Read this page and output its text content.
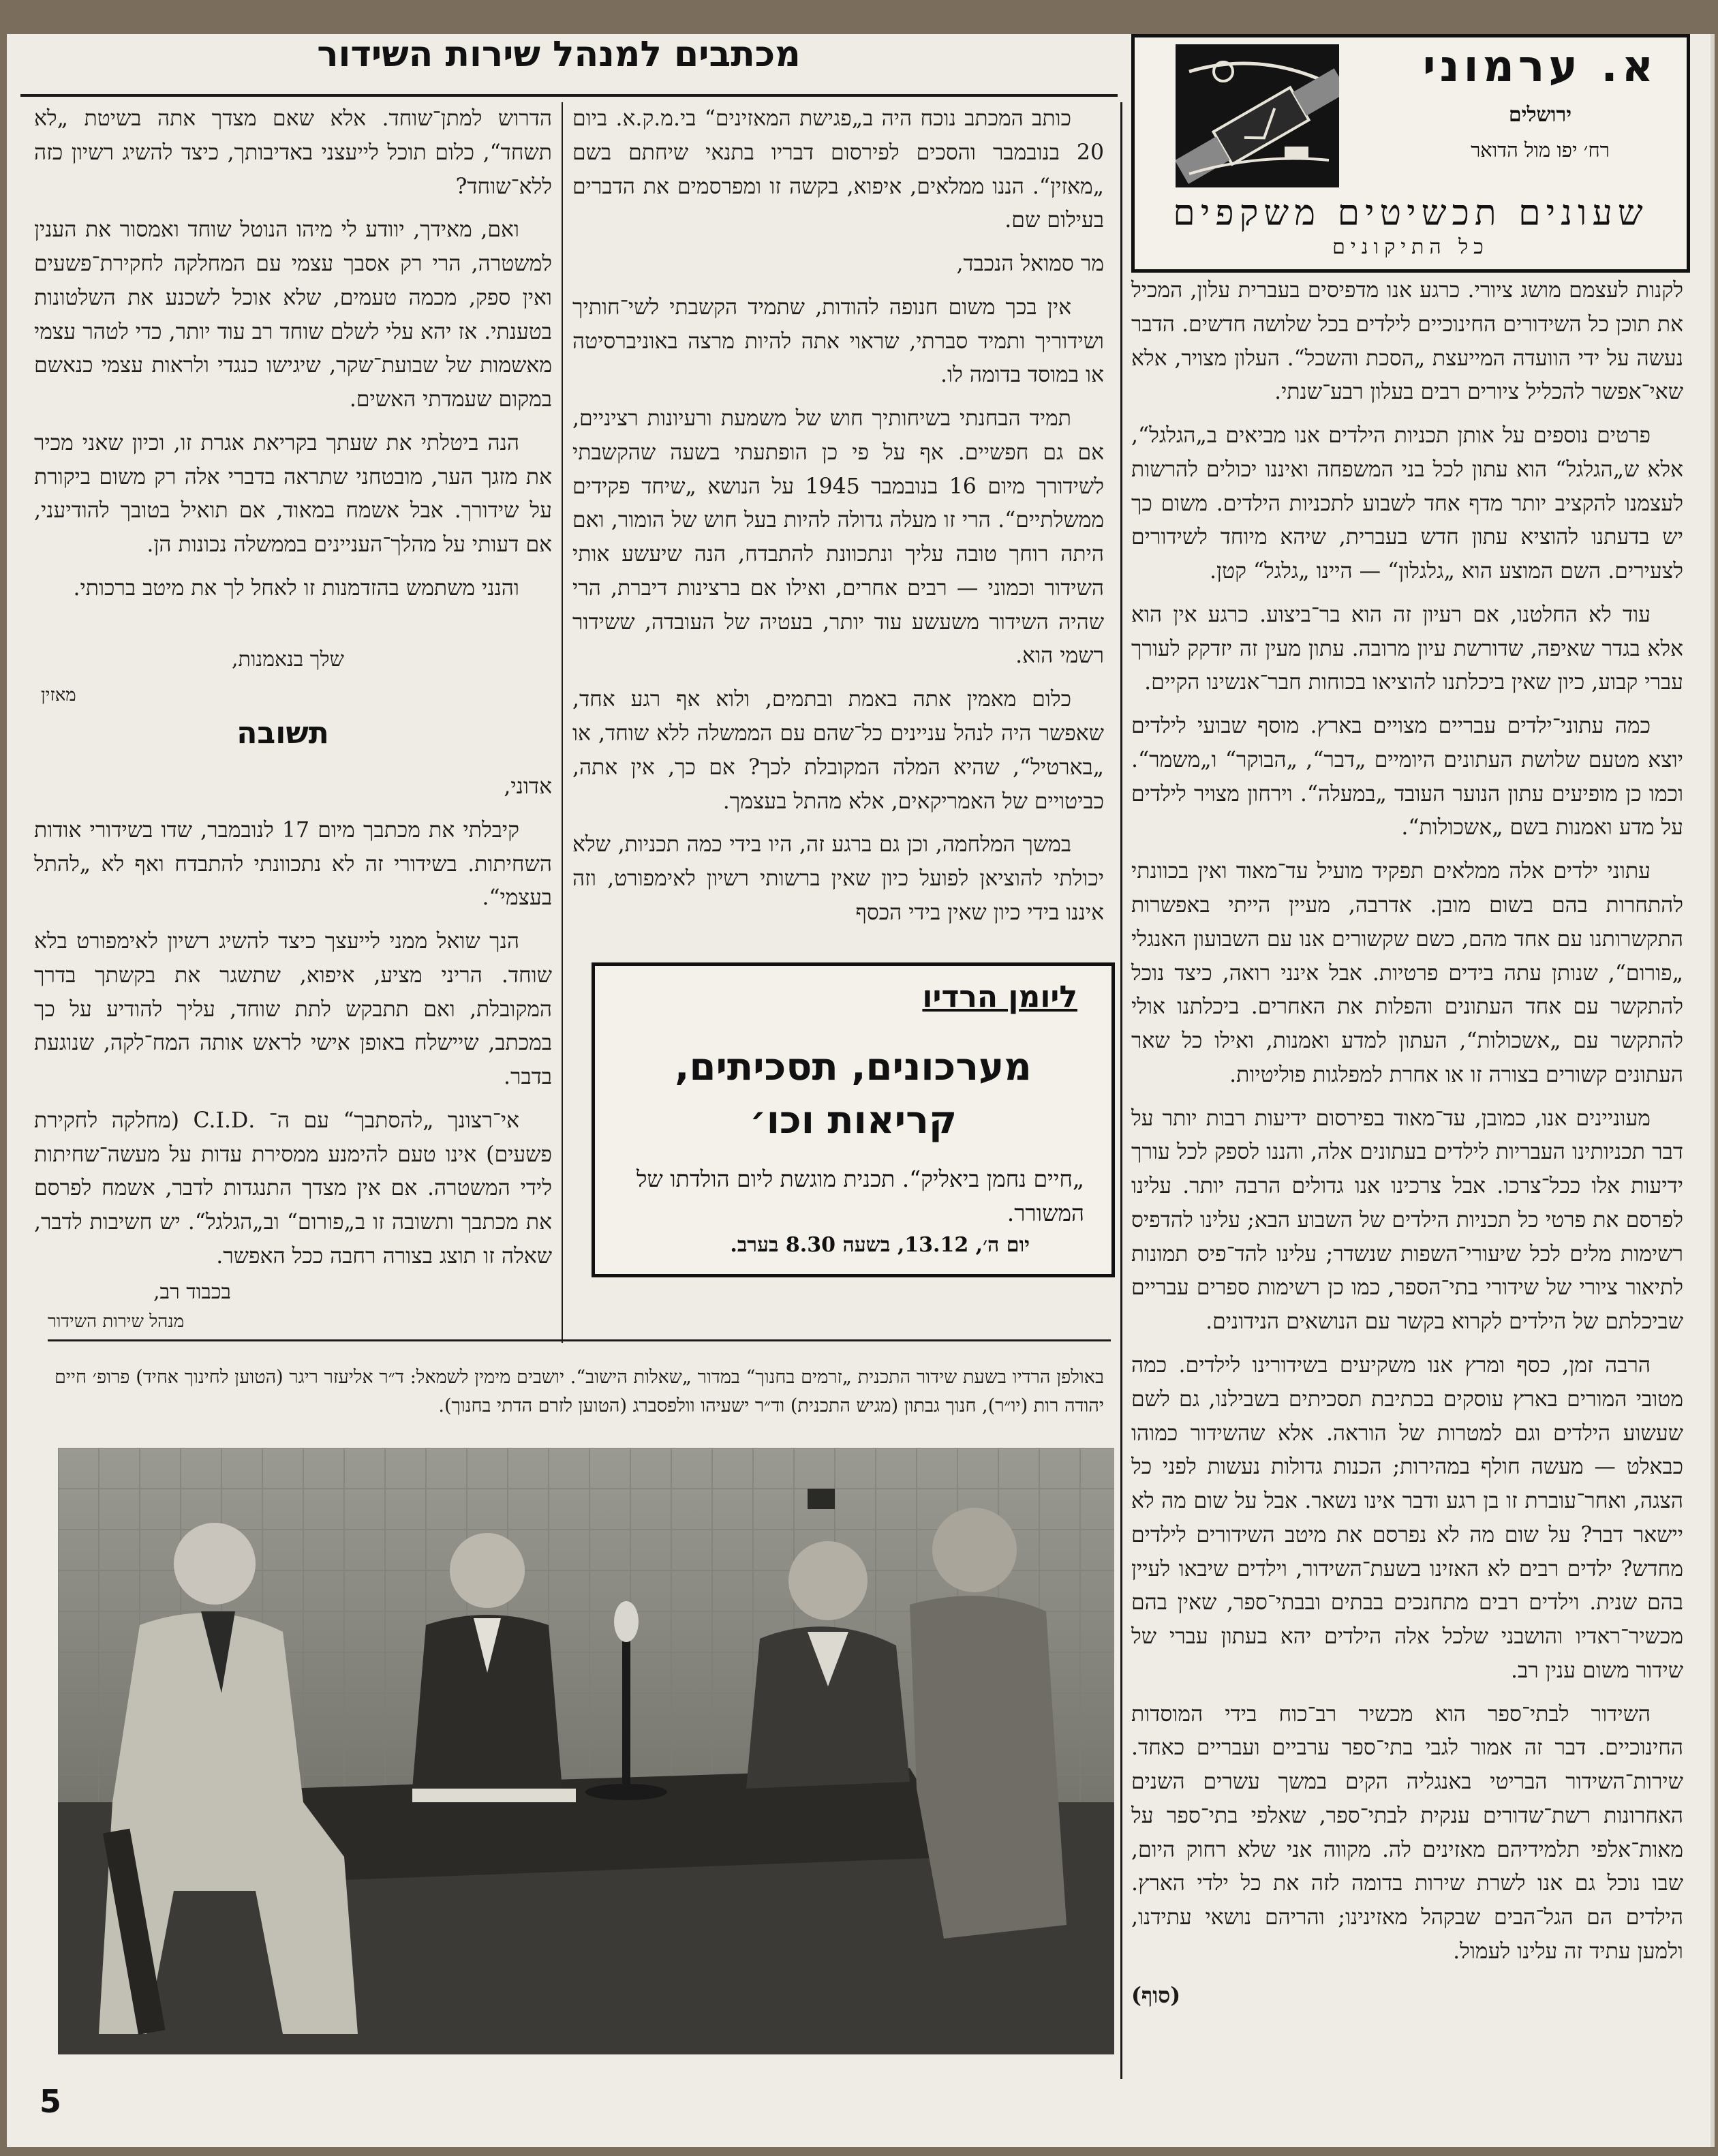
א. ערמוני
ירושלים
רח׳ יפו מול הדואר
שעונים תכשיטים משקפים
כל התיקונים
מכתבים למנהל שירות השידור

לקנות לעצמם מושג ציורי. כרגע אנו מדפיסים בעברית עלון, המכיל את תוכן כל השידורים החינוכיים לילדים בכל שלושה חדשים. הדבר נעשה על ידי הוועדה המייעצת „הסכת והשכל“. העלון מצויר, אלא שאי־אפשר להכליל ציורים רבים בעלון רבע־שנתי.

פרטים נוספים על אותן תכניות הילדים אנו מביאים ב„הגלגל“, אלא ש„הגלגל“ הוא עתון לכל בני המשפחה ואיננו יכולים להרשות לעצמנו להקציב יותר מדף אחד לשבוע לתכניות הילדים. משום כך יש בדעתנו להוציא עתון חדש בעברית, שיהא מיוחד לשידורים לצעירים. השם המוצע הוא „גלגלון“ — היינו „גלגל“ קטן.

עוד לא החלטנו, אם רעיון זה הוא בר־ביצוע. כרגע אין הוא אלא בגדר שאיפה, שדורשת עיון מרובה. עתון מעין זה יזדקק לעורך עברי קבוע, כיון שאין ביכלתנו להוציאו בכוחות חבר־אנשינו הקיים.

כמה עתוני־ילדים עבריים מצויים בארץ. מוסף שבועי לילדים יוצא מטעם שלושת העתונים היומיים „דבר“, „הבוקר“ ו„משמר“. וכמו כן מופיעים עתון הנוער העובד „במעלה“. וירחון מצויר לילדים על מדע ואמנות בשם „אשכולות“.

עתוני ילדים אלה ממלאים תפקיד מועיל עד־מאוד ואין בכוונתי להתחרות בהם בשום מובן. אדרבה, מעיין הייתי באפשרות התקשרותנו עם אחד מהם, כשם שקשורים אנו עם השבועון האנגלי „פורום“, שנותן עתה בידים פרטיות. אבל אינני רואה, כיצד נוכל להתקשר עם אחד העתונים והפלות את האחרים. ביכלתנו אולי להתקשר עם „אשכולות“, העתון למדע ואמנות, ואילו כל שאר העתונים קשורים בצורה זו או אחרת למפלגות פוליטיות.

מעוניינים אנו, כמובן, עד־מאוד בפירסום ידיעות רבות יותר על דבר תכניותינו העבריות לילדים בעתונים אלה, והננו לספק לכל עורך ידיעות אלו ככל־צרכו. אבל צרכינו אנו גדולים הרבה יותר. עלינו לפרסם את פרטי כל תכניות הילדים של השבוע הבא; עלינו להדפיס רשימות מלים לכל שיעורי־השפות שנשדר; עלינו להד־פיס תמונות לתיאור ציורי של שידורי בתי־הספר, כמו כן רשימות ספרים עבריים שביכלתם של הילדים לקרוא בקשר עם הנושאים הנידונים.

הרבה זמן, כסף ומרץ אנו משקיעים בשידורינו לילדים. כמה מטובי המורים בארץ עוסקים בכתיבת תסכיתים בשבילנו, גם לשם שעשוע הילדים וגם למטרות של הוראה. אלא שהשידור כמוהו כבאלט — מעשה חולף במהירות; הכנות גדולות נעשות לפני כל הצגה, ואחר־עוברת זו בן רגע ודבר אינו נשאר. אבל על שום מה לא יישאר דבר? על שום מה לא נפרסם את מיטב השידורים לילדים מחדש? ילדים רבים לא האזינו בשעת־השידור, וילדים שיבאו לעיין בהם שנית. וילדים רבים מתחנכים בבתים ובבתי־ספר, שאין בהם מכשיר־ראדיו והושבני שלכל אלה הילדים יהא בעתון עברי של שידור משום ענין רב.

השידור לבתי־ספר הוא מכשיר רב־כוח בידי המוסדות החינוכיים. דבר זה אמור לגבי בתי־ספר ערביים ועבריים כאחד. שירות־השידור הבריטי באנגליה הקים במשך עשרים השנים האחרונות רשת־שדורים ענקית לבתי־ספר, שאלפי בתי־ספר על מאות־אלפי תלמידיהם מאזינים לה. מקווה אני שלא רחוק היום, שבו נוכל גם אנו לשרת שירות בדומה לזה את כל ילדי הארץ. הילדים הם הגל־הבים שבקהל מאזינינו; והריהם נושאי עתידנו, ולמען עתיד זה עלינו לעמול.

(סוף)

כותב המכתב נוכח היה ב„פגישת המאזינים“ בי.מ.ק.א. ביום 20 בנובמבר והסכים לפירסום דבריו בתנאי שיחתם בשם „מאזין“. הננו ממלאים, איפוא, בקשה זו ומפרסמים את הדברים בעילום שם.

מר סמואל הנכבד,

אין בכך משום חנופה להודות, שתמיד הקשבתי לשי־חותיך ושידוריך ותמיד סברתי, שראוי אתה להיות מרצה באוניברסיטה או במוסד בדומה לו.

תמיד הבחנתי בשיחותיך חוש של משמעת ורעיונות רציניים, אם גם חפשיים. אף על פי כן הופתעתי בשעה שהקשבתי לשידורך מיום 16 בנובמבר 1945 על הנושא „שיחד פקידים ממשלתיים“. הרי זו מעלה גדולה להיות בעל חוש של הומור, ואם היתה רוחך טובה עליך ונתכוונת להתבדח, הנה שיעשע אותי השידור וכמוני — רבים אחרים, ואילו אם ברצינות דיברת, הרי שהיה השידור משעשע עוד יותר, בעטיה של העובדה, ששידור רשמי הוא.

כלום מאמין אתה באמת ובתמים, ולוא אף רגע אחד, שאפשר היה לנהל עניינים כל־שהם עם הממשלה ללא שוחד, או „בארטיל“, שהיא המלה המקובלת לכך? אם כך, אין אתה, כביטויים של האמריקאים, אלא מהתל בעצמך.

במשך המלחמה, וכן גם ברגע זה, היו בידי כמה תכניות, שלא יכולתי להוציאן לפועל כיון שאין ברשותי רשיון לאימפורט, וזה איננו בידי כיון שאין בידי הכסף

הדרוש למתן־שוחד. אלא שאם מצדך אתה בשיטת „לא תשחד“, כלום תוכל לייעצני באדיבותך, כיצד להשיג רשיון כזה ללא־שוחד?

ואם, מאידך, יוודע לי מיהו הנוטל שוחד ואמסור את הענין למשטרה, הרי רק אסבך עצמי עם המחלקה לחקירת־פשעים ואין ספק, מכמה טעמים, שלא אוכל לשכנע את השלטונות בטענתי. אז יהא עלי לשלם שוחד רב עוד יותר, כדי לטהר עצמי מאשמות של שבועת־שקר, שיגישו כנגדי ולראות עצמי כנאשם במקום שעמדתי האשים.

הנה ביטלתי את שעתך בקריאת אגרת זו, וכיון שאני מכיר את מזגך הער, מובטחני שתראה בדברי אלה רק משום ביקורת על שידורך. אבל אשמח במאוד, אם תואיל בטובך להודיעני, אם דעותי על מהלך־העניינים בממשלה נכונות הן.

והנני משתמש בהזדמנות זו לאחל לך את מיטב ברכותי.

שלך בנאמנות,
מאזין
תשובה

אדוני,

קיבלתי את מכתבך מיום 17 לנובמבר, שדו בשידורי אודות השחיתות. בשידורי זה לא נתכוונתי להתבדח ואף לא „להתל בעצמי“.

הנך שואל ממני לייעצך כיצד להשיג רשיון לאימפורט בלא שוחד. הריני מציע, איפוא, שתשגר את בקשתך בדרך המקובלת, ואם תתבקש לתת שוחד, עליך להודיע על כך במכתב, שיישלח באופן אישי לראש אותה המח־לקה, שנוגעת בדבר.

אי־רצונך „להסתבך“ עם ה־ .C.I.D (מחלקה לחקירת פשעים) אינו טעם להימנע ממסירת עדות על מעשה־שחיתות לידי המשטרה. אם אין מצדך התנגדות לדבר, אשמח לפרסם את מכתבך ותשובה זו ב„פורום“ וב„הגלגל“. יש חשיבות לדבר, שאלה זו תוצג בצורה רחבה ככל האפשר.

בכבוד רב,
מנהל שירות השידור
ליומן הרדיו
מערכונים, תסכיתים,
קריאות וכו׳
„חיים נחמן ביאליק“. תכנית מוגשת ליום הולדתו של המשורר.
יום ה׳, 13.12, בשעה 8.30 בערב.
באולפן הרדיו בשעת שידור התכנית „זרמים בחנוך“ במדור „שאלות הישוב“. יושבים מימין לשמאל: ד״ר אליעזר ריגר (הטוען לחינוך אחיד) פרופ׳ חיים יהודה רות (יו״ר), חנוך גבתון (מגיש התכנית) וד״ר ישעיהו וולפסברג (הטוען לזרם הדתי בחנוך).
5
